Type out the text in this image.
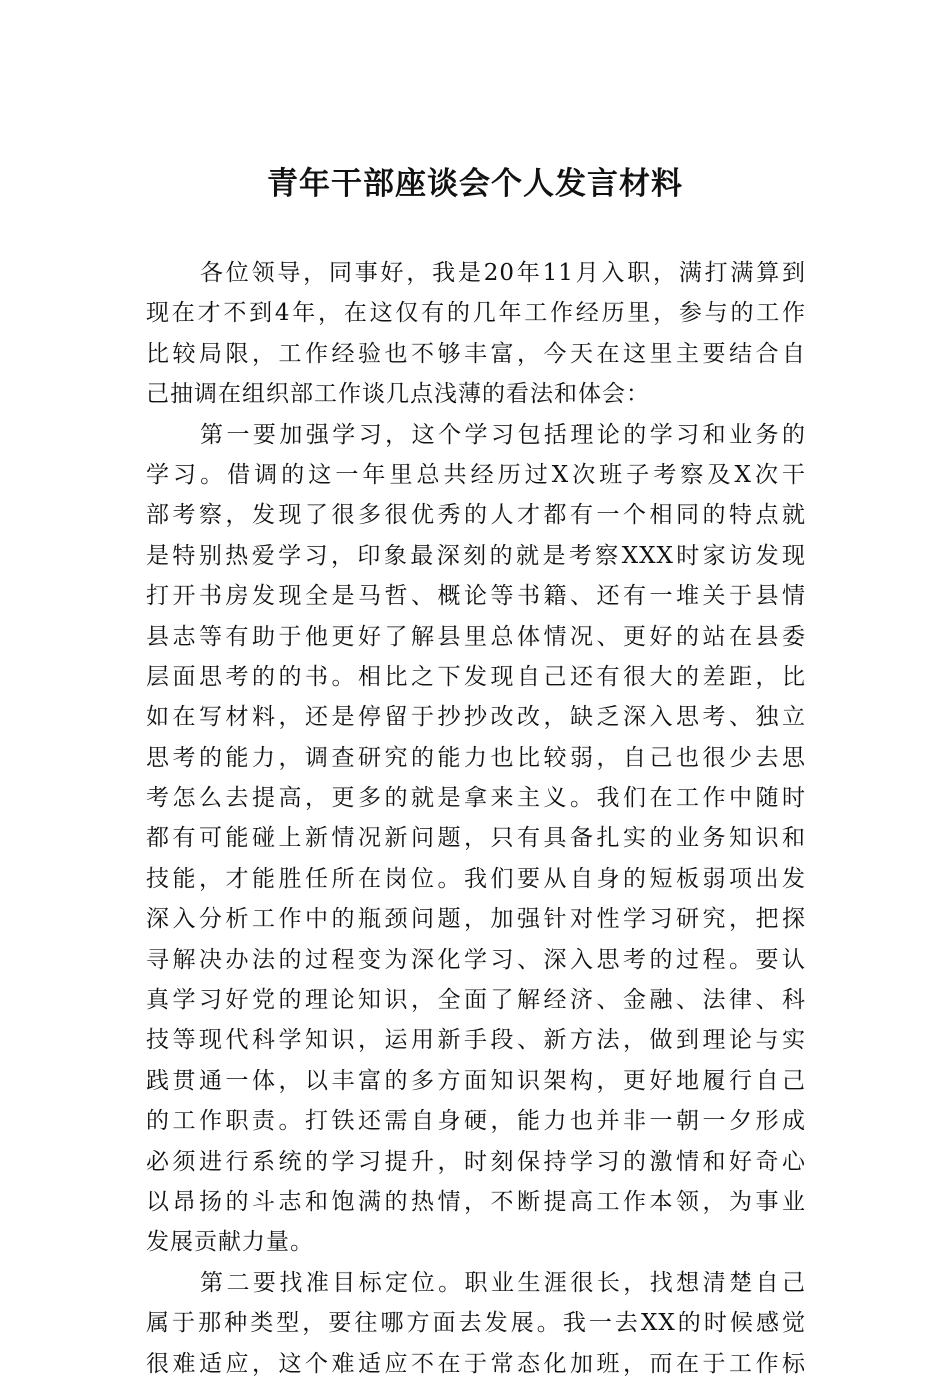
青年干部座谈会个人发言材料
各位领导，同事好，我是20年11月入职，满打满算到
现在才不到4年，在这仅有的几年工作经历里，参与的工作
比较局限，工作经验也不够丰富，今天在这里主要结合自
己抽调在组织部工作谈几点浅薄的看法和体会：
第一要加强学习，这个学习包括理论的学习和业务的
学习。借调的这一年里总共经历过X次班子考察及X次干
部考察，发现了很多很优秀的人才都有一个相同的特点就
是特别热爱学习，印象最深刻的就是考察XXX时家访发现
打开书房发现全是马哲、概论等书籍、还有一堆关于县情
县志等有助于他更好了解县里总体情况、更好的站在县委
层面思考的的书。相比之下发现自己还有很大的差距，比
如在写材料，还是停留于抄抄改改，缺乏深入思考、独立
思考的能力，调查研究的能力也比较弱，自己也很少去思
考怎么去提高，更多的就是拿来主义。我们在工作中随时
都有可能碰上新情况新问题，只有具备扎实的业务知识和
技能，才能胜任所在岗位。我们要从自身的短板弱项出发
深入分析工作中的瓶颈问题，加强针对性学习研究，把探
寻解决办法的过程变为深化学习、深入思考的过程。要认
真学习好党的理论知识，全面了解经济、金融、法律、科
技等现代科学知识，运用新手段、新方法，做到理论与实
践贯通一体，以丰富的多方面知识架构，更好地履行自己
的工作职责。打铁还需自身硬，能力也并非一朝一夕形成
必须进行系统的学习提升，时刻保持学习的激情和好奇心
以昂扬的斗志和饱满的热情，不断提高工作本领，为事业
发展贡献力量。
第二要找准目标定位。职业生涯很长，找想清楚自己
属于那种类型，要往哪方面去发展。我一去XX的时候感觉
很难适应，这个难适应不在于常态化加班，而在于工作标
